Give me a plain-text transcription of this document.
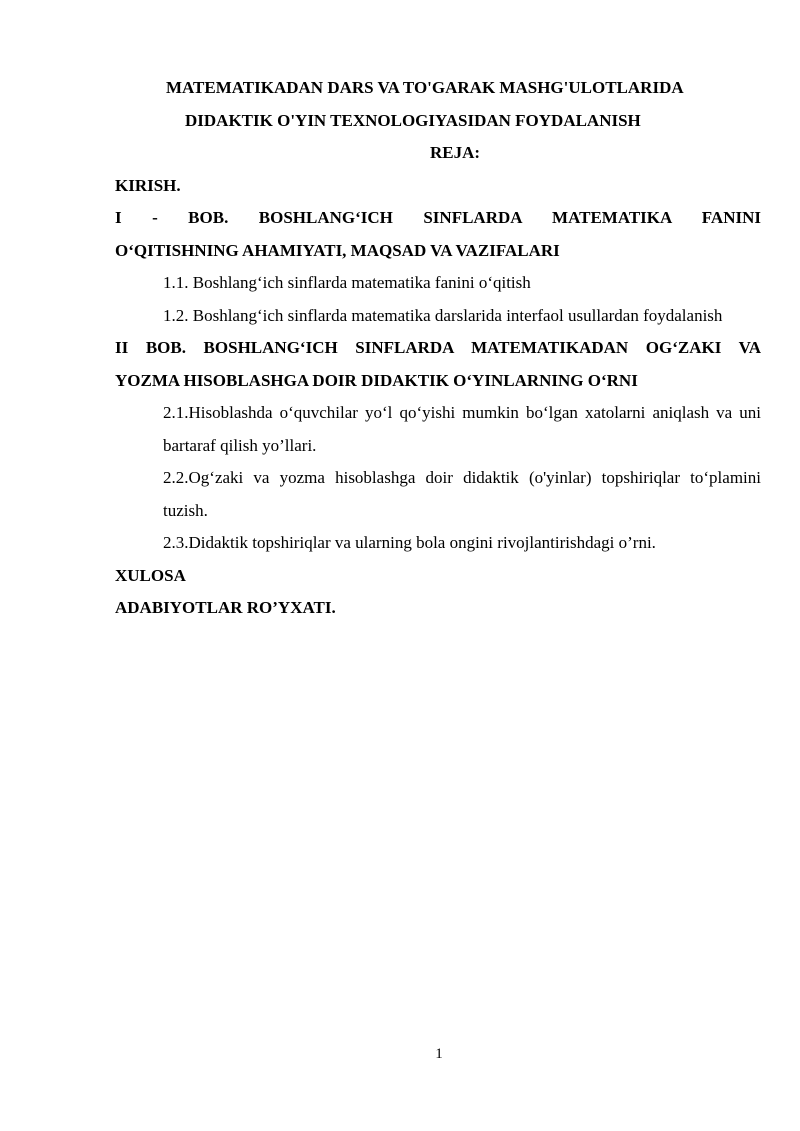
MATEMATIKADAN DARS VA TO'GARAK MASHG'ULOTLARIDA

DIDAKTIK O'YIN TEXNOLOGIYASIDAN FOYDALANISH

REJA:

KIRISH.

I - BOB. BOSHLANG‘ICH SINFLARDA MATEMATIKA FANINI

O‘QITISHNING AHAMIYATI, MAQSAD VA VAZIFALARI

1.1. Boshlang‘ich sinflarda matematika fanini o‘qitish

1.2. Boshlang‘ich sinflarda matematika darslarida interfaol usullardan foydalanish

II BOB. BOSHLANG‘ICH SINFLARDA MATEMATIKADAN OG‘ZAKI VA

YOZMA HISOBLASHGA DOIR DIDAKTIK O‘YINLARNING O‘RNI

2.1.Hisoblashda o‘quvchilar yo‘l qo‘yishi mumkin bo‘lgan xatolarni aniqlash va uni bartaraf qilish yo’llari.

2.2.Og‘zaki va yozma hisoblashga doir didaktik (o'yinlar) topshiriqlar to‘plamini tuzish.

2.3.Didaktik topshiriqlar va ularning bola ongini rivojlantirishdagi o’rni.

XULOSA

ADABIYOTLAR RO’YXATI.

1
